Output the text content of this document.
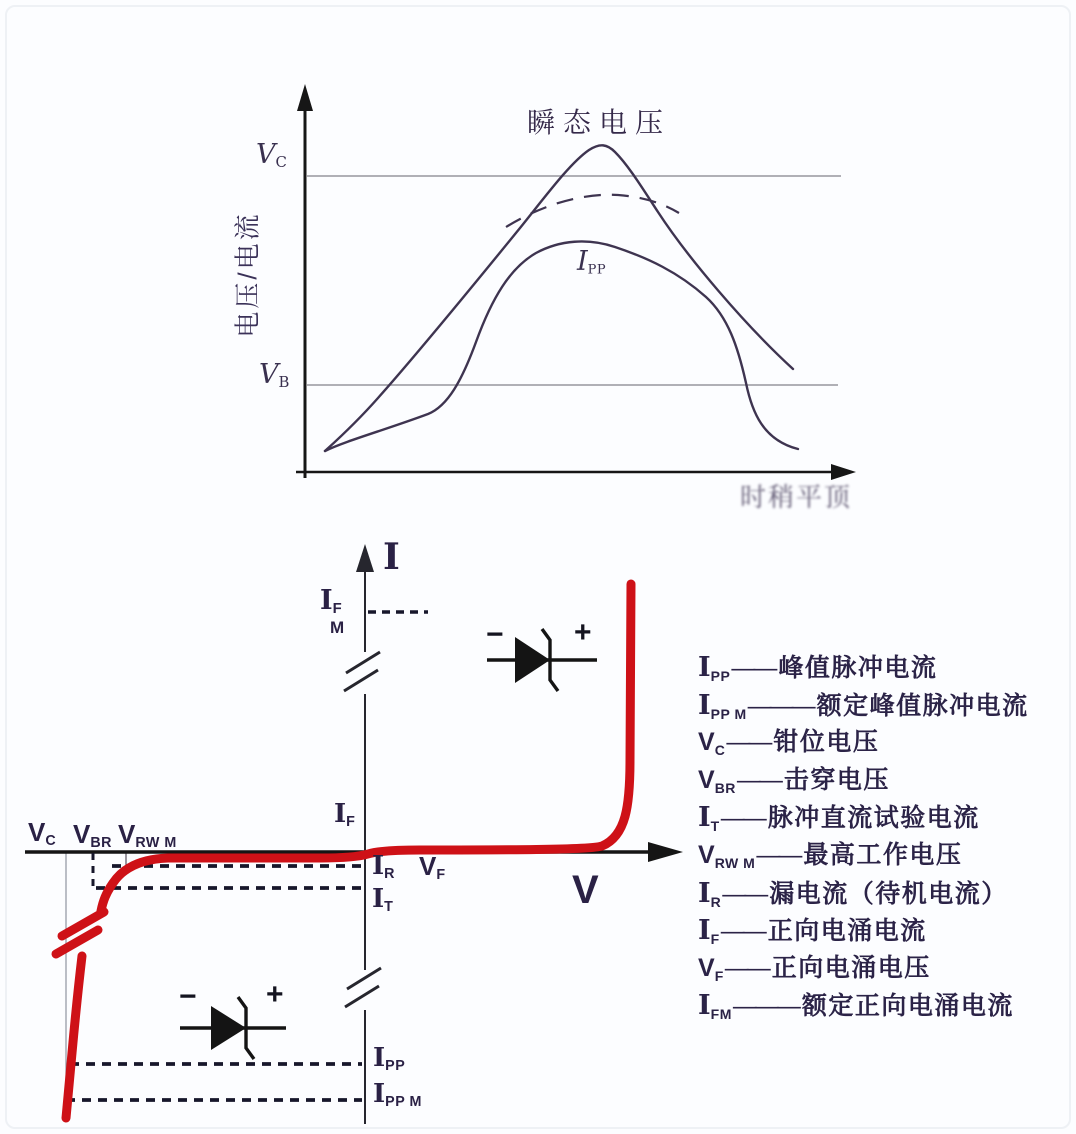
电压/电流
瞬态电压
$V_C$
$V_B$
$I_{PP}$
时稍平顶
I
V
$I_F$
M
$V_C$ $V_{BR}$ $V_{RW M}$
$I_F$
$I_R$ $V_F$
$I_T$
$I_{PP}$
$I_{PP M}$
− +
− +
$I_{PP}$ —— 峰值脉冲电流
$I_{PP M}$ ——— 额定峰值脉冲电流
$V_C$ —— 钳位电压
$V_{BR}$ —— 击穿电压
$I_T$ —— 脉冲直流试验电流
$V_{RW M}$ —— 最高工作电压
$I_R$ —— 漏电流（待机电流）
$I_F$ —— 正向电涌电流
$V_F$ —— 正向电涌电压
$I_{FM}$ ——— 额定正向电涌电流
